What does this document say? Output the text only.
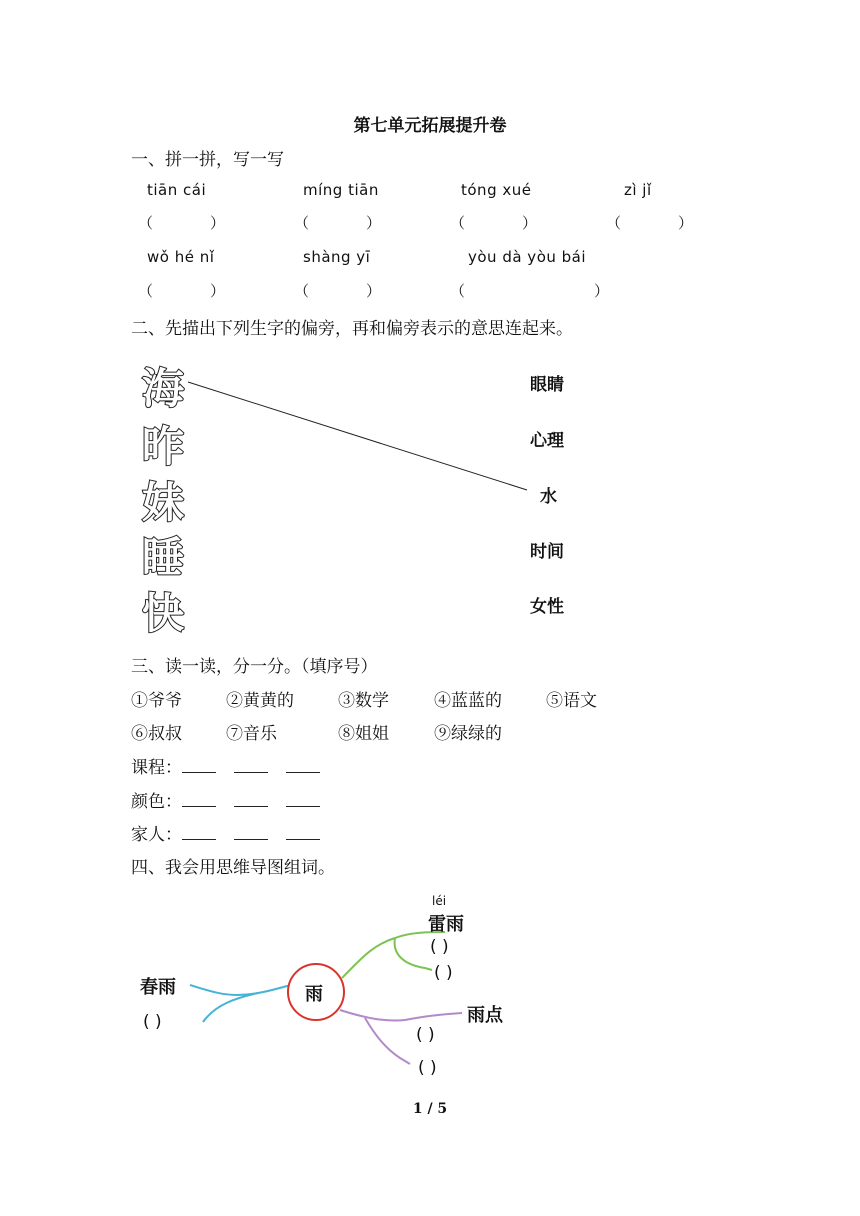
第七单元拓展提升卷
一、拼一拼，写一写
tiān cái	míng tiān	tóng xué	zì jǐ
（	）	（	）	（	）	（	）
wǒ hé nǐ	shàng yī	yòu dà yòu bái
（	）	（	）	（	）
二、先描出下列生字的偏旁，再和偏旁表示的意思连起来。
海
昨
妹
睡
快
眼睛
心理
水
时间
女性
三、读一读，分一分。（填序号）
①爷爷	②黄黄的	③数学	④蓝蓝的	⑤语文
⑥叔叔	⑦音乐	⑧姐姐	⑨绿绿的
课程：
颜色：
家人：
四、我会用思维导图组词。
雨
春雨
( )
léi
雷雨
( )
( )
雨点
( )
( )
1 / 5
